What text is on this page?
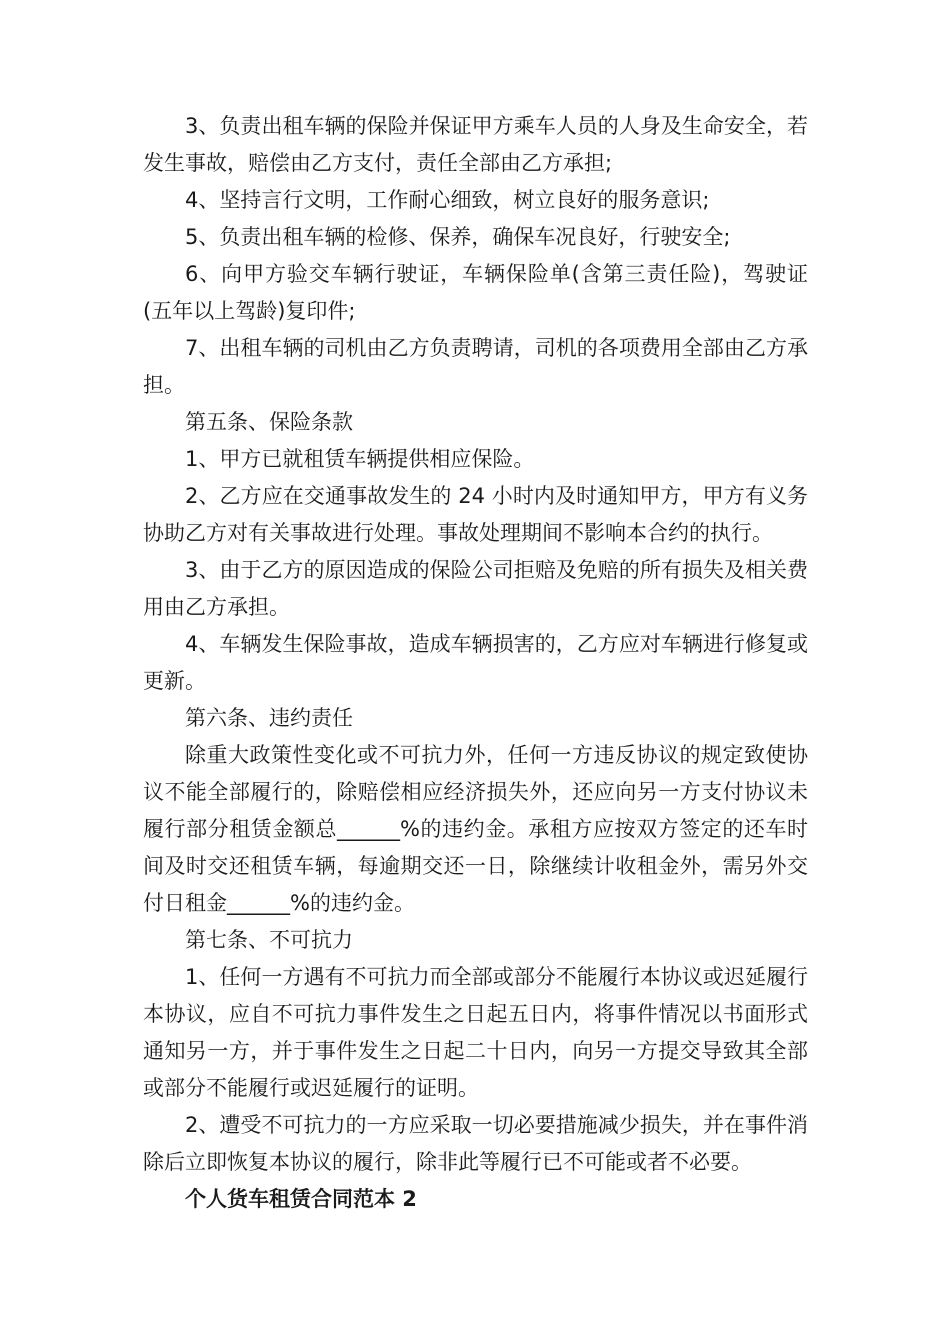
3、负责出租车辆的保险并保证甲方乘车人员的人身及生命安全，若发生事故，赔偿由乙方支付，责任全部由乙方承担;

4、坚持言行文明，工作耐心细致，树立良好的服务意识;

5、负责出租车辆的检修、保养，确保车况良好，行驶安全;

6、向甲方验交车辆行驶证，车辆保险单(含第三责任险)，驾驶证(五年以上驾龄)复印件;

7、出租车辆的司机由乙方负责聘请，司机的各项费用全部由乙方承担。

第五条、保险条款

1、甲方已就租赁车辆提供相应保险。

2、乙方应在交通事故发生的 24 小时内及时通知甲方，甲方有义务协助乙方对有关事故进行处理。事故处理期间不影响本合约的执行。

3、由于乙方的原因造成的保险公司拒赔及免赔的所有损失及相关费用由乙方承担。

4、车辆发生保险事故，造成车辆损害的，乙方应对车辆进行修复或更新。

第六条、违约责任

除重大政策性变化或不可抗力外，任何一方违反协议的规定致使协议不能全部履行的，除赔偿相应经济损失外，还应向另一方支付协议未履行部分租赁金额总______%的违约金。承租方应按双方签定的还车时间及时交还租赁车辆，每逾期交还一日，除继续计收租金外，需另外交付日租金______%的违约金。

第七条、不可抗力

1、任何一方遇有不可抗力而全部或部分不能履行本协议或迟延履行本协议，应自不可抗力事件发生之日起五日内，将事件情况以书面形式通知另一方，并于事件发生之日起二十日内，向另一方提交导致其全部或部分不能履行或迟延履行的证明。

2、遭受不可抗力的一方应采取一切必要措施减少损失，并在事件消除后立即恢复本协议的履行，除非此等履行已不可能或者不必要。

个人货车租赁合同范本 2
